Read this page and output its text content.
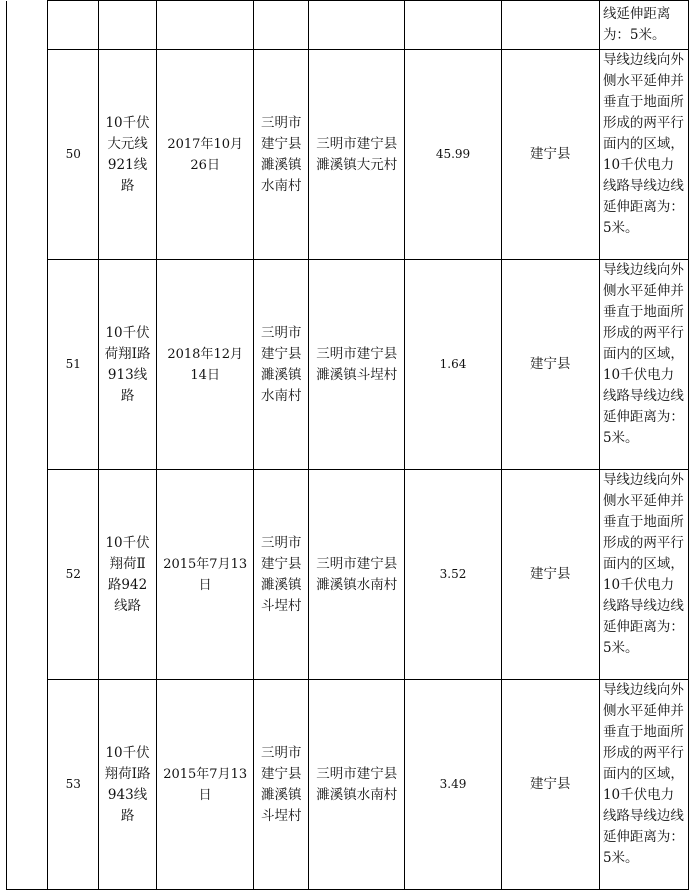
								线延伸距离为：5米。
	50	10千伏大元线921线路	2017年10月26日	三明市建宁县濉溪镇水南村	三明市建宁县濉溪镇大元村	45.99	建宁县	导线边线向外侧水平延伸并垂直于地面所形成的两平行面内的区域，10千伏电力线路导线边线延伸距离为：5米。
	51	10千伏荷翔Ⅰ路913线路	2018年12月14日	三明市建宁县濉溪镇水南村	三明市建宁县濉溪镇斗埕村	1.64	建宁县	导线边线向外侧水平延伸并垂直于地面所形成的两平行面内的区域，10千伏电力线路导线边线延伸距离为：5米。
	52	10千伏翔荷Ⅱ路942线路	2015年7月13日	三明市建宁县濉溪镇斗埕村	三明市建宁县濉溪镇水南村	3.52	建宁县	导线边线向外侧水平延伸并垂直于地面所形成的两平行面内的区域，10千伏电力线路导线边线延伸距离为：5米。
	53	10千伏翔荷Ⅰ路943线路	2015年7月13日	三明市建宁县濉溪镇斗埕村	三明市建宁县濉溪镇水南村	3.49	建宁县	导线边线向外侧水平延伸并垂直于地面所形成的两平行面内的区域，10千伏电力线路导线边线延伸距离为：5米。
